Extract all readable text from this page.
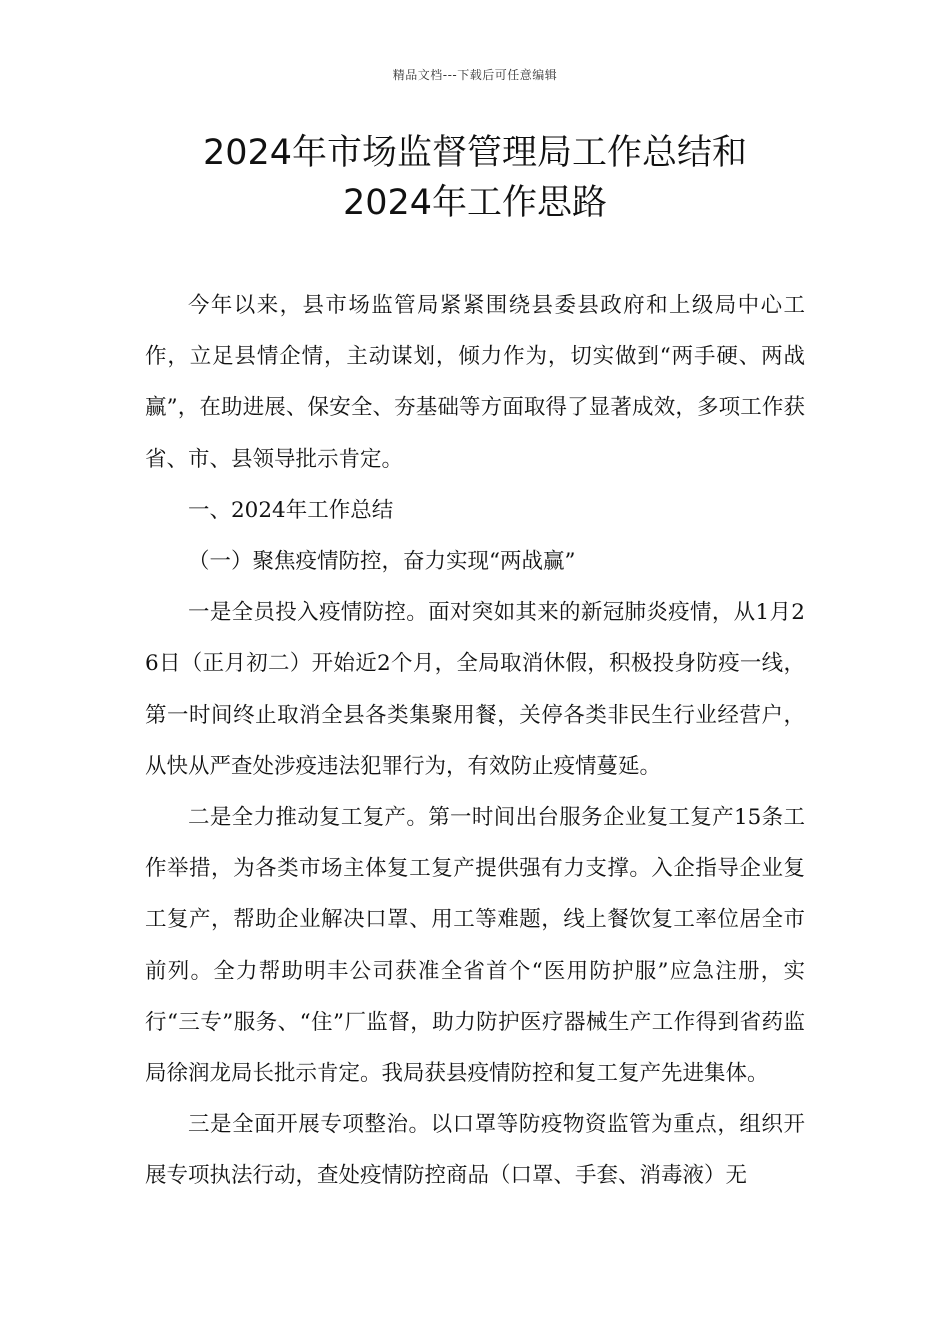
精品文档---下载后可任意编辑
2024年市场监督管理局工作总结和
2024年工作思路

今年以来，县市场监管局紧紧围绕县委县政府和上级局中心工作，立足县情企情，主动谋划，倾力作为，切实做到“两手硬、两战赢”，在助进展、保安全、夯基础等方面取得了显著成效，多项工作获省、市、县领导批示肯定。

一、2024年工作总结

（一）聚焦疫情防控，奋力实现“两战赢”

一是全员投入疫情防控。面对突如其来的新冠肺炎疫情，从1月26日（正月初二）开始近2个月，全局取消休假，积极投身防疫一线，第一时间终止取消全县各类集聚用餐，关停各类非民生行业经营户，从快从严查处涉疫违法犯罪行为，有效防止疫情蔓延。

二是全力推动复工复产。第一时间出台服务企业复工复产15条工作举措，为各类市场主体复工复产提供强有力支撑。入企指导企业复工复产，帮助企业解决口罩、用工等难题，线上餐饮复工率位居全市前列。全力帮助明丰公司获准全省首个“医用防护服”应急注册，实行“三专”服务、“住”厂监督，助力防护医疗器械生产工作得到省药监局徐润龙局长批示肯定。我局获县疫情防控和复工复产先进集体。

三是全面开展专项整治。以口罩等防疫物资监管为重点，组织开展专项执法行动，查处疫情防控商品（口罩、手套、消毒液）无
